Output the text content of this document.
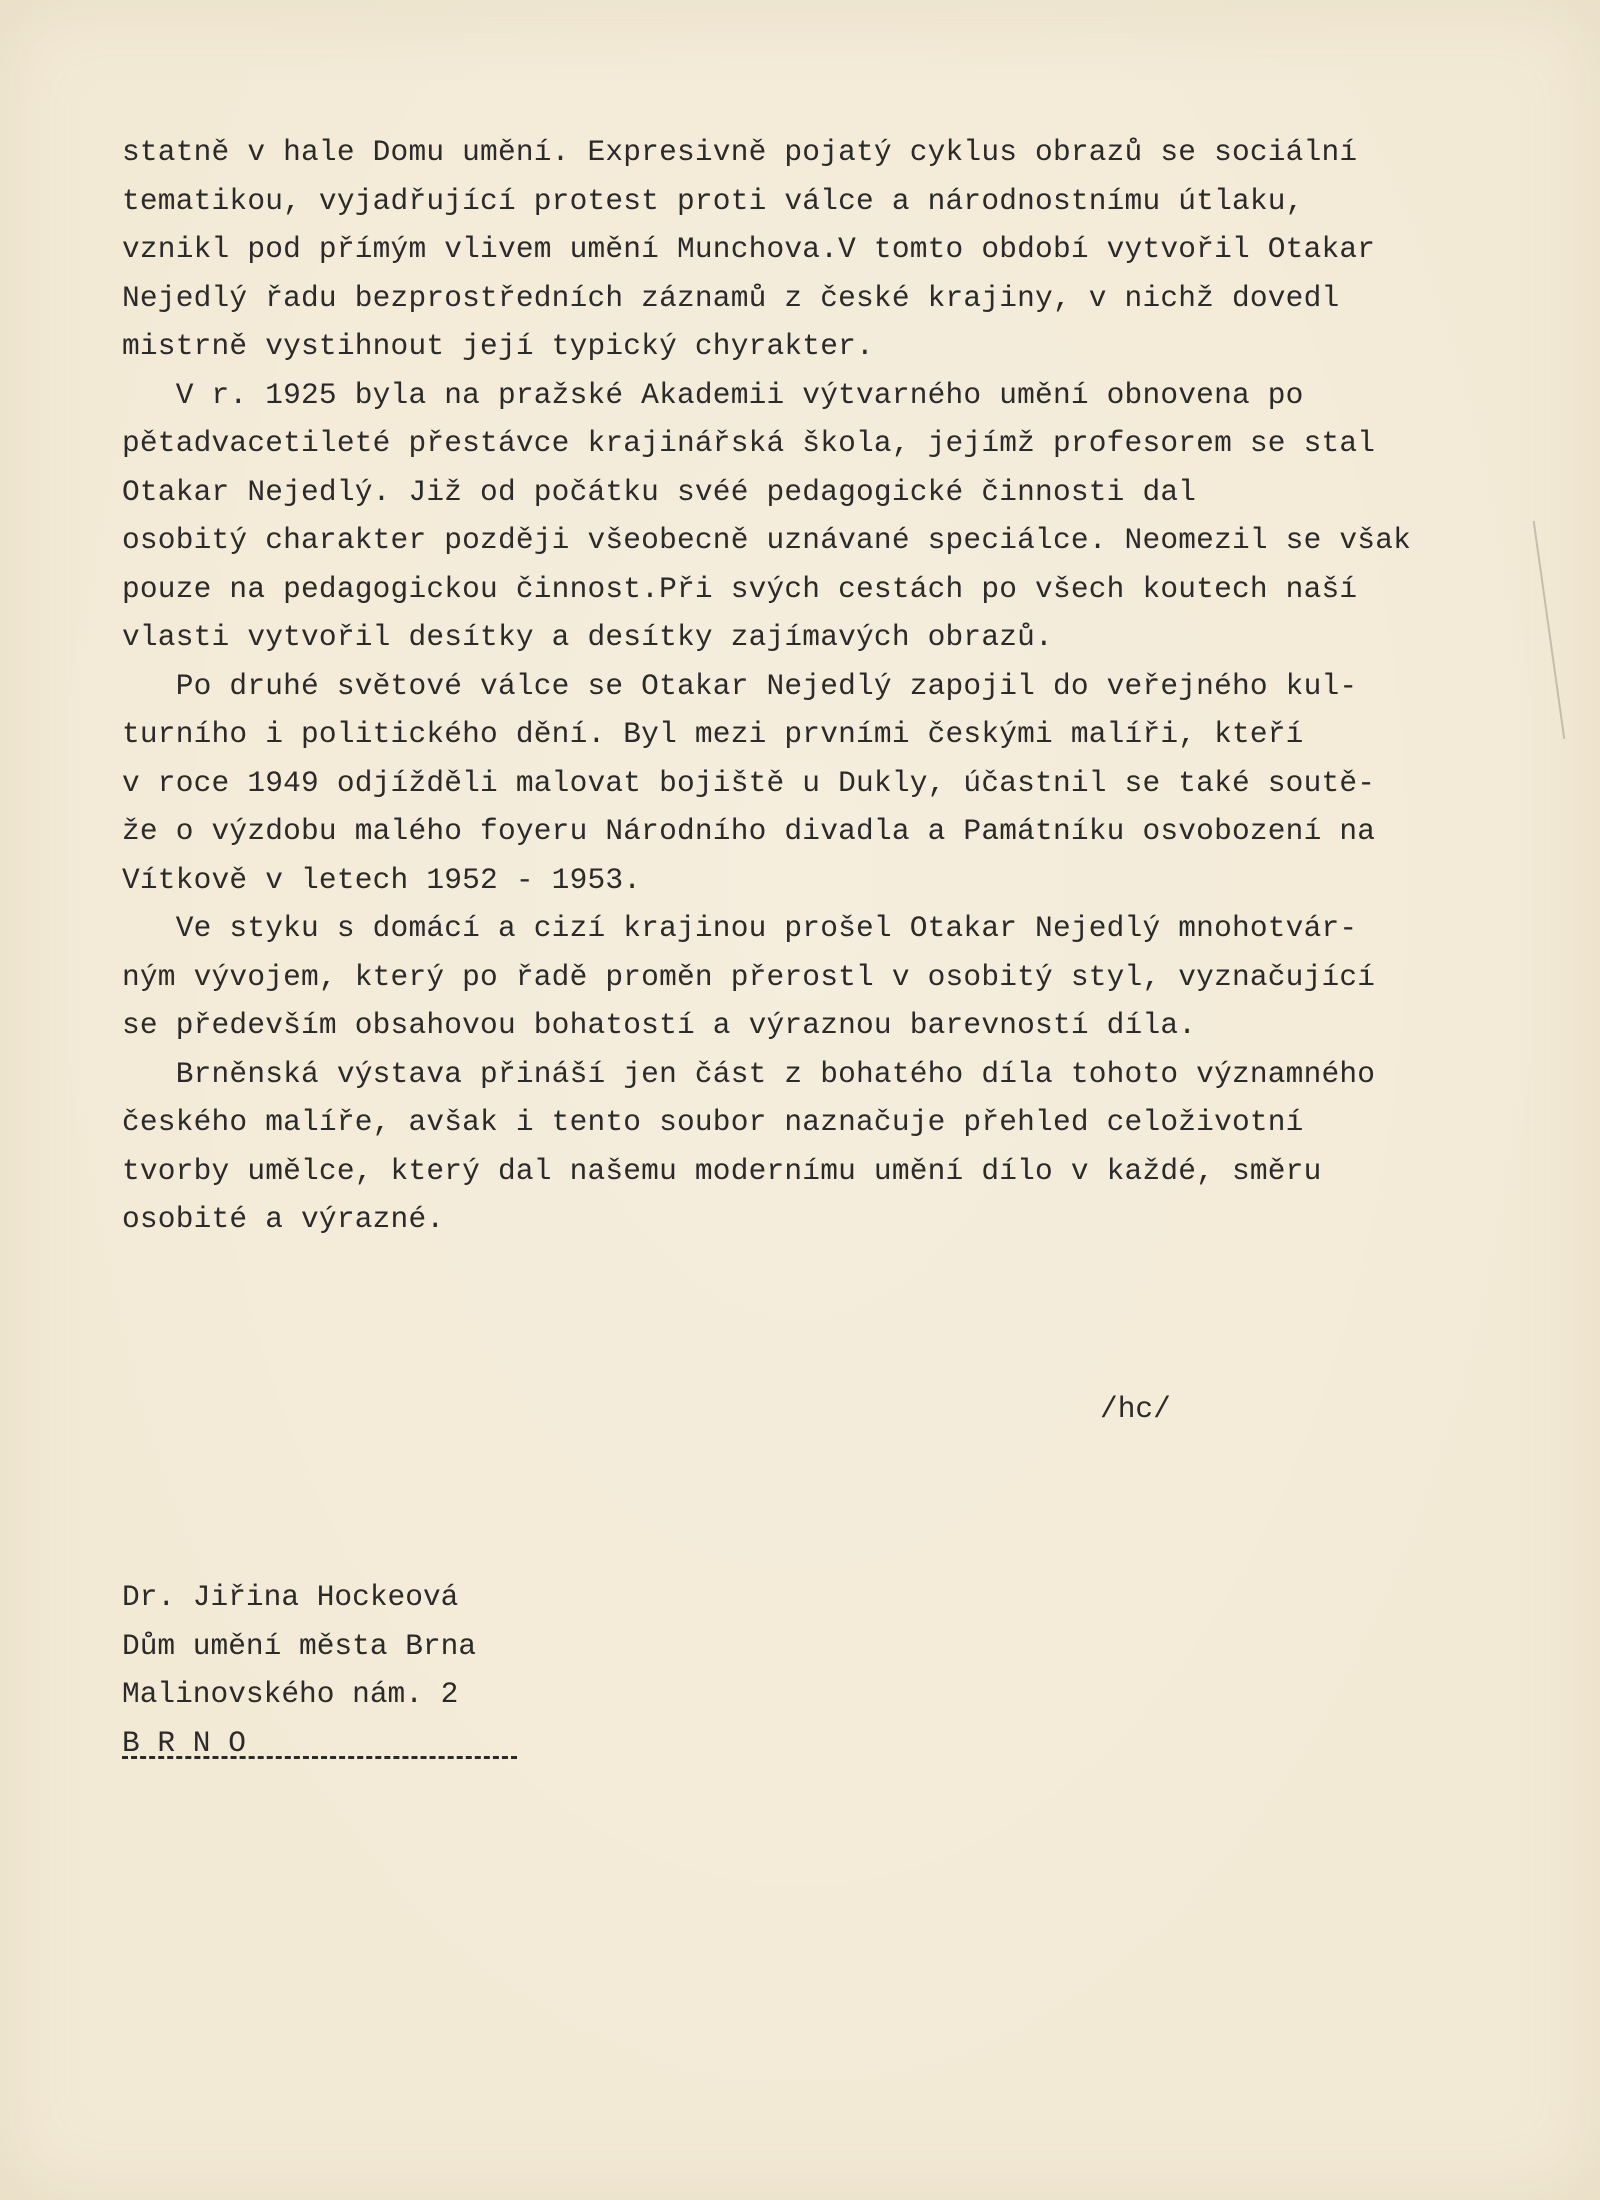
statně v hale Domu umění. Expresivně pojatý cyklus obrazů se sociální
tematikou, vyjadřující protest proti válce a národnostnímu útlaku,
vznikl pod přímým vlivem umění Munchova.V tomto období vytvořil Otakar
Nejedlý řadu bezprostředních záznamů z české krajiny, v nichž dovedl
mistrně vystihnout její typický chyrakter.
V r. 1925 byla na pražské Akademii výtvarného umění obnovena po
pětadvacetileté přestávce krajinářská škola, jejímž profesorem se stal
Otakar Nejedlý. Již od počátku svéé pedagogické činnosti dal
osobitý charakter později všeobecně uznávané speciálce. Neomezil se však
pouze na pedagogickou činnost.Při svých cestách po všech koutech naší
vlasti vytvořil desítky a desítky zajímavých obrazů.
Po druhé světové válce se Otakar Nejedlý zapojil do veřejného kul-
turního i politického dění. Byl mezi prvními českými malíři, kteří
v roce 1949 odjížděli malovat bojiště u Dukly, účastnil se také soutě-
že o výzdobu malého foyeru Národního divadla a Památníku osvobození na
Vítkově v letech 1952 - 1953.
Ve styku s domácí a cizí krajinou prošel Otakar Nejedlý mnohotvár-
ným vývojem, který po řadě proměn přerostl v osobitý styl, vyznačující
se především obsahovou bohatostí a výraznou barevností díla.
Brněnská výstava přináší jen část z bohatého díla tohoto významného
českého malíře, avšak i tento soubor naznačuje přehled celoživotní
tvorby umělce, který dal našemu modernímu umění dílo v každé, směru
osobité a výrazné.
/hc/
Dr. Jiřina Hockeová
Dům umění města Brna
Malinovského nám. 2
B R N O
